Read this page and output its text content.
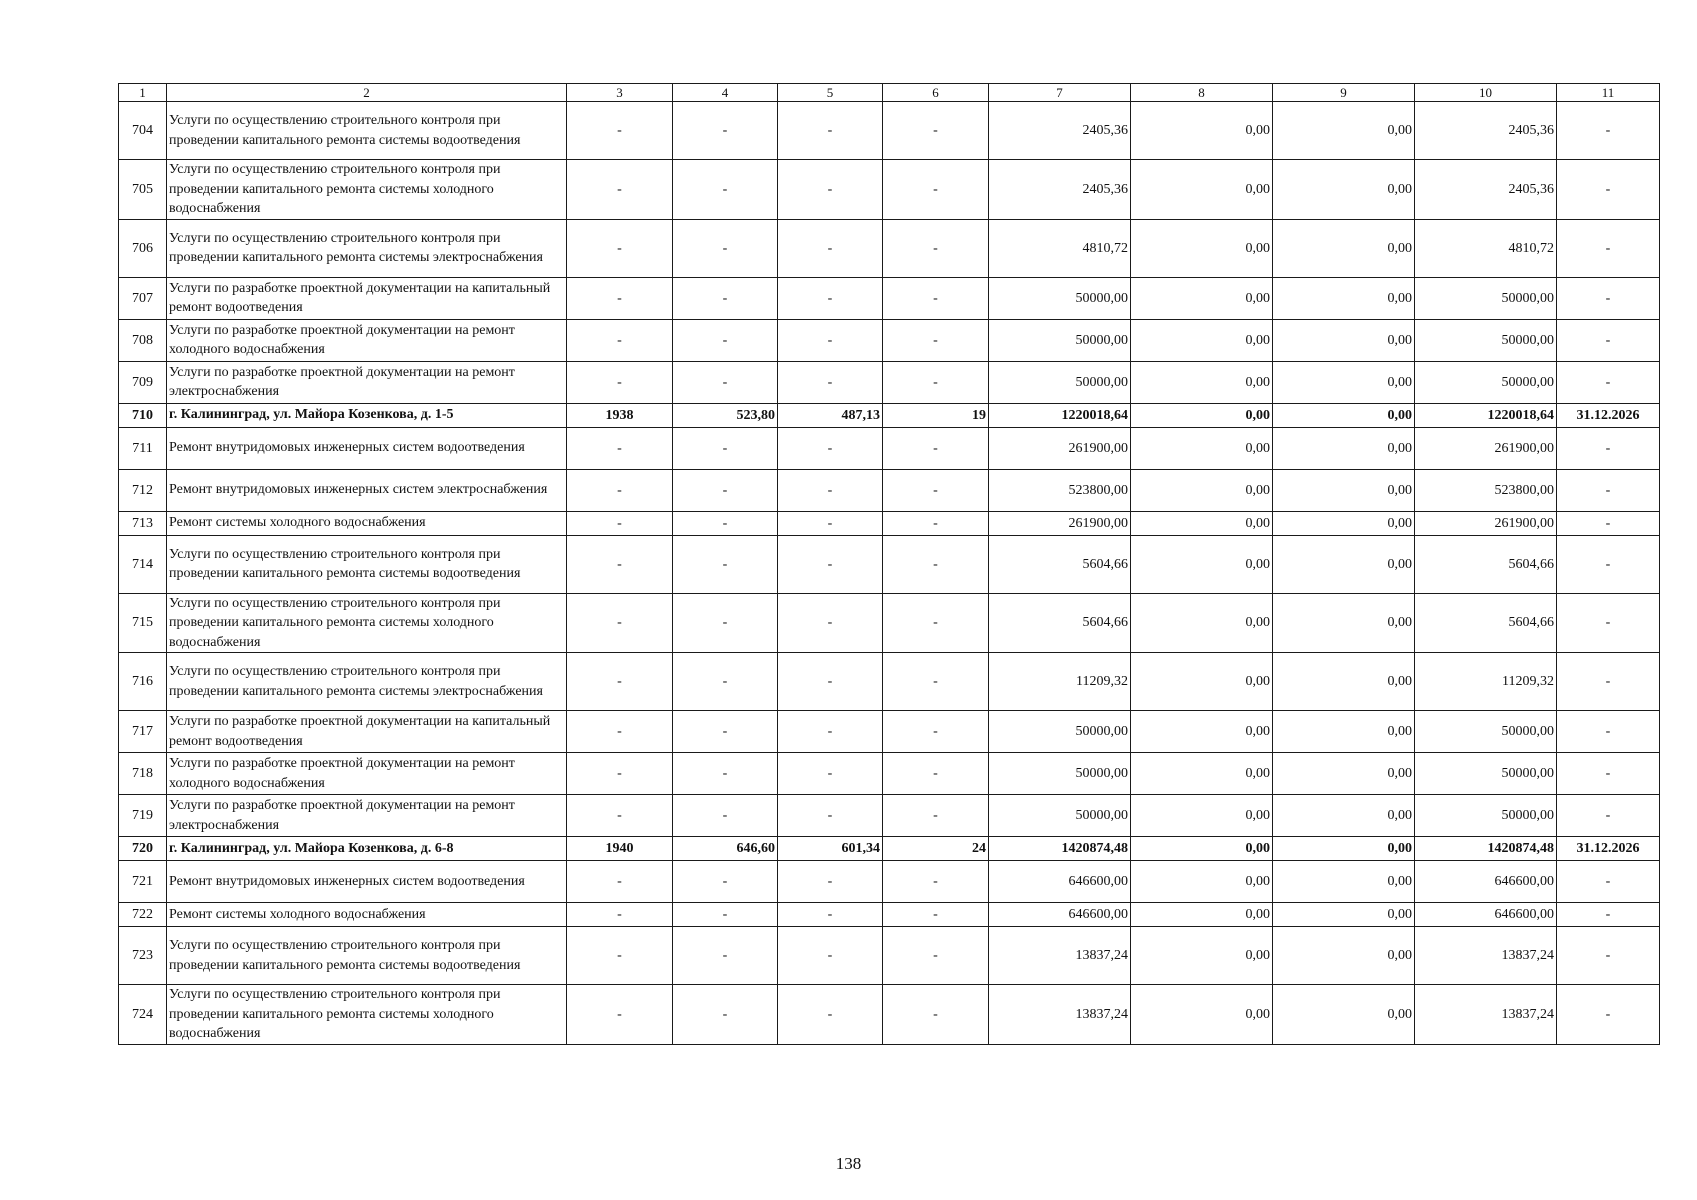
1	2	3	4	5	6	7	8	9	10	11
704	Услуги по осуществлению строительного контроля при проведении капитального ремонта системы водоотведения	-	-	-	-	2405,36	0,00	0,00	2405,36	-
705	Услуги по осуществлению строительного контроля при проведении капитального ремонта системы холодного водоснабжения	-	-	-	-	2405,36	0,00	0,00	2405,36	-
706	Услуги по осуществлению строительного контроля при проведении капитального ремонта системы электроснабжения	-	-	-	-	4810,72	0,00	0,00	4810,72	-
707	Услуги по разработке проектной документации на капитальный ремонт водоотведения	-	-	-	-	50000,00	0,00	0,00	50000,00	-
708	Услуги по разработке проектной документации на ремонт холодного водоснабжения	-	-	-	-	50000,00	0,00	0,00	50000,00	-
709	Услуги по разработке проектной документации на ремонт электроснабжения	-	-	-	-	50000,00	0,00	0,00	50000,00	-
710	г. Калининград, ул. Майора Козенкова, д. 1-5	1938	523,80	487,13	19	1220018,64	0,00	0,00	1220018,64	31.12.2026
711	Ремонт внутридомовых инженерных систем водоотведения	-	-	-	-	261900,00	0,00	0,00	261900,00	-
712	Ремонт внутридомовых инженерных систем электроснабжения	-	-	-	-	523800,00	0,00	0,00	523800,00	-
713	Ремонт системы холодного водоснабжения	-	-	-	-	261900,00	0,00	0,00	261900,00	-
714	Услуги по осуществлению строительного контроля при проведении капитального ремонта системы водоотведения	-	-	-	-	5604,66	0,00	0,00	5604,66	-
715	Услуги по осуществлению строительного контроля при проведении капитального ремонта системы холодного водоснабжения	-	-	-	-	5604,66	0,00	0,00	5604,66	-
716	Услуги по осуществлению строительного контроля при проведении капитального ремонта системы электроснабжения	-	-	-	-	11209,32	0,00	0,00	11209,32	-
717	Услуги по разработке проектной документации на капитальный ремонт водоотведения	-	-	-	-	50000,00	0,00	0,00	50000,00	-
718	Услуги по разработке проектной документации на ремонт холодного водоснабжения	-	-	-	-	50000,00	0,00	0,00	50000,00	-
719	Услуги по разработке проектной документации на ремонт электроснабжения	-	-	-	-	50000,00	0,00	0,00	50000,00	-
720	г. Калининград, ул. Майора Козенкова, д. 6-8	1940	646,60	601,34	24	1420874,48	0,00	0,00	1420874,48	31.12.2026
721	Ремонт внутридомовых инженерных систем водоотведения	-	-	-	-	646600,00	0,00	0,00	646600,00	-
722	Ремонт системы холодного водоснабжения	-	-	-	-	646600,00	0,00	0,00	646600,00	-
723	Услуги по осуществлению строительного контроля при проведении капитального ремонта системы водоотведения	-	-	-	-	13837,24	0,00	0,00	13837,24	-
724	Услуги по осуществлению строительного контроля при проведении капитального ремонта системы холодного водоснабжения	-	-	-	-	13837,24	0,00	0,00	13837,24	-
138
